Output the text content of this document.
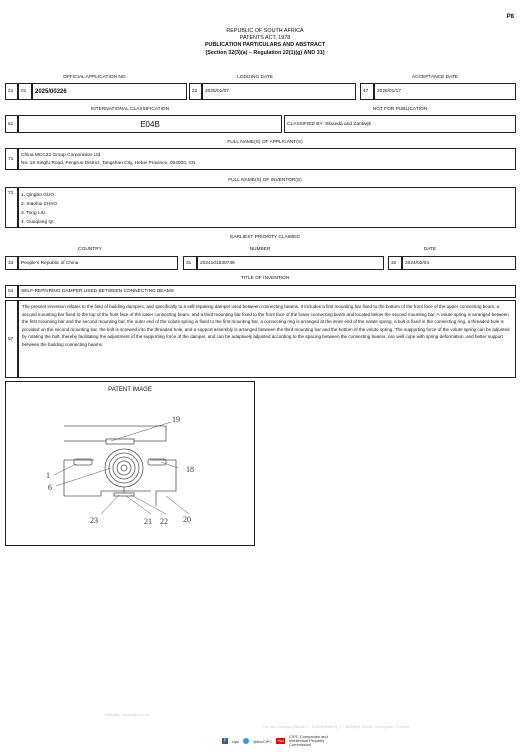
P8
REPUBLIC OF SOUTH AFRICA
PATENTS ACT, 1978
PUBLICATION PARTICULARS AND ABSTRACT
[Section 32(3)(a) – Regulation 22(1)(g) AND 31]
OFFICIAL APPLICATION NO.	LODGING DATE	ACCEPTANCE DATE
21	01	2025/00226	22	2025/01/07	47	2025/01/17
INTERNATIONAL CLASSIFICATION	NOT FOR PUBLICATION
51	E04B	CLASSIFIED BY: Sibanda and Zantwijk
FULL NAME(S) OF APPLICANT(S)
71
China MCC22 Group Corporation Ltd.
No. 16 Xingfu Road, Fengrun District, Tangshan City, Hebei Province, 064000, CN
FULL NAME(S) OF INVENTOR(S)
72	1. Qingbo GUO
2. Xiaohui ZHAO
3. Tong LIU
4. Guoqiang QI
EARLIEST PRIORITY CLAIMED
COUNTRY	NUMBER	DATE
33	People's Republic of China	31	2024101530738	32	2024/02/04
TITLE OF INVENTION
54	SELF-REPAIRING DAMPER USED BETWEEN CONNECTING BEAMS
57
The present invention relates to the field of building dampers, and specifically to a self-repairing damper used between connecting beams. It includes a first mounting bar fixed to the bottom of the front face of the upper connecting beam, a second mounting bar fixed to the top of the front face of the lower connecting beam, and a third mounting bar fixed to the front face of the lower connecting beam and located below the second mounting bar. A volute spring is arranged between the first mounting bar and the second mounting bar, the outer end of the volute spring is fixed to the first mounting bar, a connecting ring is arranged at the inner end of the volute spring, a bolt is fixed in the connecting ring, a threaded hole is provided on the second mounting bar, the bolt is screwed into the threaded hole, and a support assembly is arranged between the third mounting bar and the bottom of the volute spring. The supporting force of the volute spring can be adjusted by rotating the bolt, thereby facilitating the adjustment of the supporting force of the damper, and can be adaptively adjusted according to the spacing between the connecting beams, can well cope with spring deformation, and better support between the building connecting beams.
PATENT IMAGE
19
1
18
6
23	21 22 20
Website: www.cipc.co.za
The dtic Campus (Block F - Entfutfukweni), 77 Meintjies Street, Sunnyside, Pretoria
f	cipc	@theCIPC You
CIPC Companies and Intellectual Property Commission
